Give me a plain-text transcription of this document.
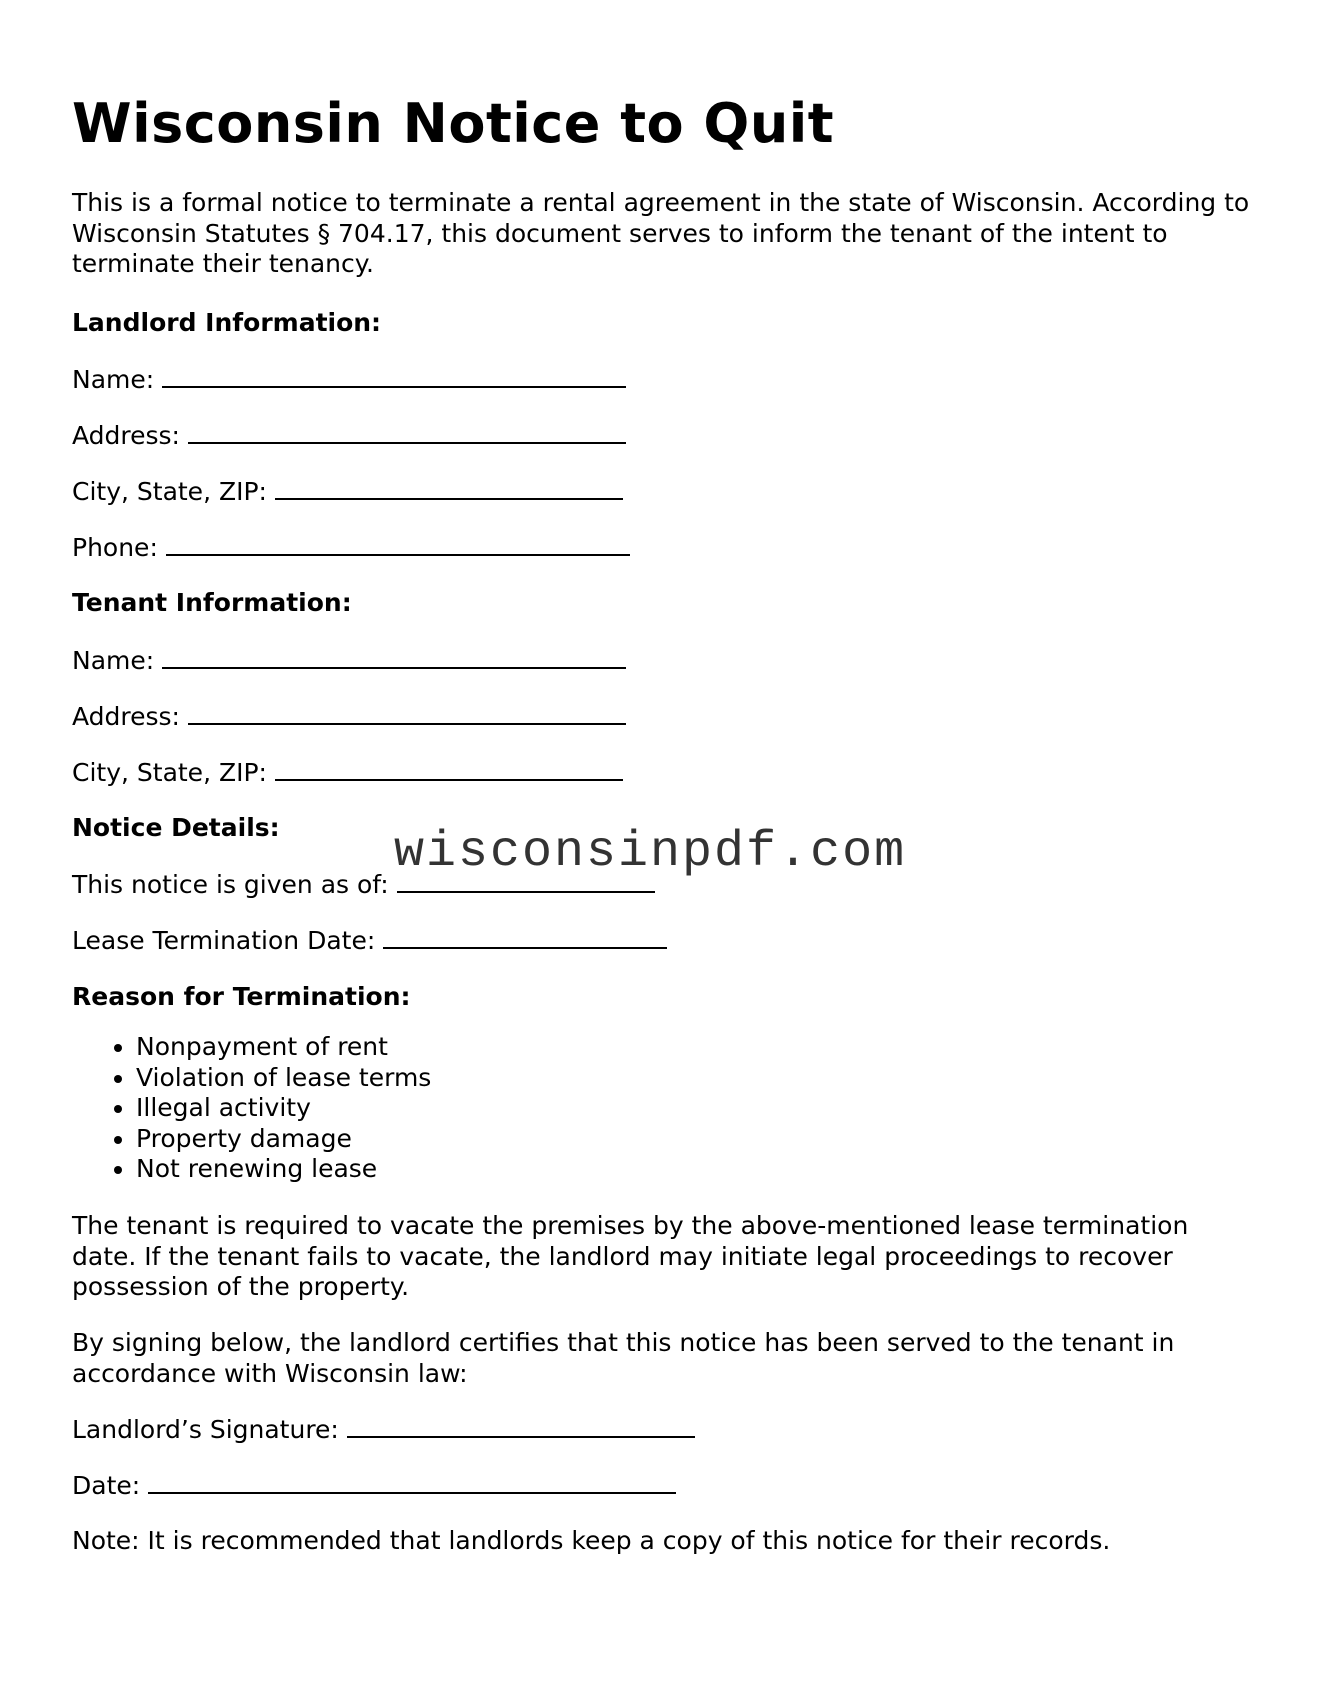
Wisconsin Notice to Quit
This is a formal notice to terminate a rental agreement in the state of Wisconsin. According to Wisconsin Statutes § 704.17, this document serves to inform the tenant of the intent to terminate their tenancy.
Landlord Information:
Name:
Address:
City, State, ZIP:
Phone:
Tenant Information:
Name:
Address:
City, State, ZIP:
Notice Details:
This notice is given as of:
Lease Termination Date:
Reason for Termination:
• Nonpayment of rent
• Violation of lease terms
• Illegal activity
• Property damage
• Not renewing lease
The tenant is required to vacate the premises by the above-mentioned lease termination date. If the tenant fails to vacate, the landlord may initiate legal proceedings to recover possession of the property.
By signing below, the landlord certifies that this notice has been served to the tenant in accordance with Wisconsin law:
Landlord’s Signature:
Date:
Note: It is recommended that landlords keep a copy of this notice for their records.
wisconsinpdf.com
